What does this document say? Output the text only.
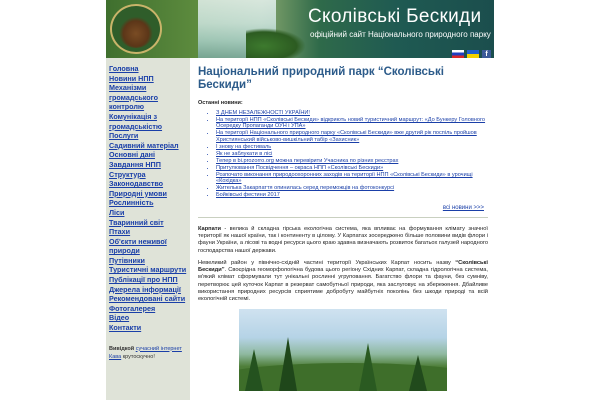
Сколівські Бескиди
офіційний сайт Національного природного парку
f
Головна
Новини НПП
Механізми громадського контролю
Комунікація з громадськістю
Послуги
Садивний матеріал
Основні дані
Завдання НПП
Структура
Законодавство
Природні умови
Рослинність
Ліси
Тваринний світ
Птахи
Об'єкти неживої природи
Путівники
Туристичні маршрути
Публікації про НПП
Джерела інформації
Рекомендовані сайти
Фотогалерея
Відео
Контакти
Вивідкой сучасний інтернет
Кава крутоскучно!
Національний природний парк “Сколівські Бескиди”
Останні новини:
• З ДНЕМ НЕЗАЛЕЖНОСТІ УКРАЇНИ!
• На території НПП «Сколівські Бескиди» відкриють новий туристичний маршрут: «До Бункеру Головного Осередку Пропаганди ОУН і УПА»
• На території Національного природного парку «Сколівські Бескиди» вже другий рік поспіль пройшов Християнський військово-вишкільний табір «Захисник»
• І знову на фестиваль
• Як не заблукати в лісі
• Тепер в bi.prozorro.org можна перевірити Учасника по різних реєстрах
• Притулювання Посвідчення – окраса НПП «Сколівські Бескиди»
• Розпочато виконання природоохоронних заходів на території НПП «Сколівські Бескиди» в урочищі «Кохідка»
• Жителька Закарпаття опинилась серед переможців на фотоконкурсі
• Бойківські фестини 2017
всі новини >>>

Карпати - велика й складна гірська екологічна система, яка впливає на формування клімату значної території як нашої країни, так і континенту в цілому. У Карпатах зосереджено більше половини видів флори і фауни України, а лісові та водні ресурси цього краю здавна визначають розвиток багатьох галузей народного господарства нашої держави.

Невеликий район у північно-східній частині території Українських Карпат носить назву “Сколівські Бескиди”. Своєрідна геоморфологічна будова цього регіону Східних Карпат, складна гідрологічна система, м'який клімат сформували тут унікальні рослинні угруповання. Багатство флори та фауни, без сумніву, перетворює цей куточок Карпат в резерват самобутньої природи, яка заслуговує на збереження. Дбайливе використання природних ресурсів сприятиме добробуту майбутніх поколінь без шкоди природі та всій екологічній системі.
